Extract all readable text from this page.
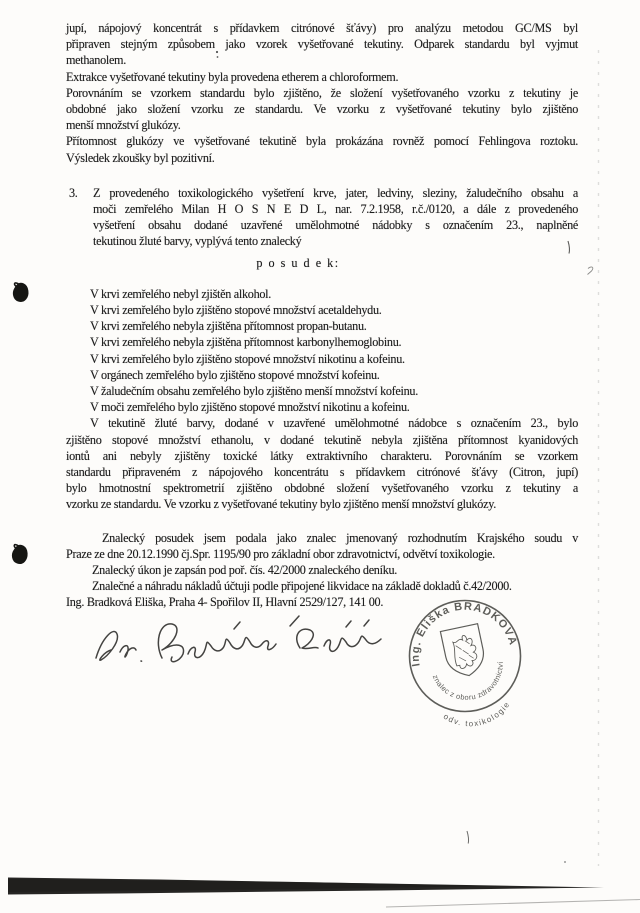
jupí, nápojový koncentrát s přídavkem citrónové šťávy) pro analýzu metodou GC/MS byl
připraven stejným způsobem jako vzorek vyšetřované tekutiny. Odparek standardu byl vyjmut
methanolem.
Extrakce vyšetřované tekutiny byla provedena etherem a chloroformem.
Porovnáním se vzorkem standardu bylo zjištěno, že složení vyšetřovaného vzorku z tekutiny je
obdobné jako složení vzorku ze standardu. Ve vzorku z vyšetřované tekutiny bylo zjištěno
menší množství glukózy.
Přítomnost glukózy ve vyšetřované tekutině byla prokázána rovněž pomocí Fehlingova roztoku.
Výsledek zkoušky byl pozitivní.
3.	Z provedeného toxikologického vyšetření krve, jater, ledviny, sleziny, žaludečního obsahu a
moči zemřelého Milan H O S N E D L, nar. 7.2.1958, r.č./0120, a dále z provedeného
vyšetření obsahu dodané uzavřené umělohmotné nádobky s označením 23., naplněné
tekutinou žluté barvy, vyplývá tento znalecký
p o s u d e k:
V krvi zemřelého nebyl zjištěn alkohol.
V krvi zemřelého bylo zjištěno stopové množství acetaldehydu.
V krvi zemřelého nebyla zjištěna přítomnost propan-butanu.
V krvi zemřelého nebyla zjištěna přítomnost karbonylhemoglobinu.
V krvi zemřelého bylo zjištěno stopové množství nikotinu a kofeinu.
V orgánech zemřelého bylo zjištěno stopové množství kofeinu.
V žaludečním obsahu zemřelého bylo zjištěno menší množství kofeinu.
V moči zemřelého bylo zjištěno stopové množství nikotinu a kofeinu.
V tekutině žluté barvy, dodané v uzavřené umělohmotné nádobce s označením 23., bylo
zjištěno stopové množství ethanolu, v dodané tekutině nebyla zjištěna přítomnost kyanidových
iontů ani nebyly zjištěny toxické látky extraktivního charakteru. Porovnáním se vzorkem
standardu připraveném z nápojového koncentrátu s přídavkem citrónové šťávy (Citron, jupí)
bylo hmotnostní spektrometrií zjištěno obdobné složení vyšetřovaného vzorku z tekutiny a
vzorku ze standardu. Ve vzorku z vyšetřované tekutiny bylo zjištěno menší množství glukózy.
Znalecký posudek jsem podala jako znalec jmenovaný rozhodnutím Krajského soudu v
Praze ze dne 20.12.1990 čj.Spr. 1195/90 pro základní obor zdravotnictví, odvětví toxikologie.
Znalecký úkon je zapsán pod poř. čís. 42/2000 znaleckého deníku.
Znalečné a náhradu nákladů účtuji podle připojené likvidace na základě dokladů č.42/2000.
Ing. Bradková Eliška, Praha 4- Spořilov II, Hlavní 2529/127, 141 00.
Ing. Eliška BRADKOVÁ
znalec z oboru zdravotnictví
odv. toxikologie
